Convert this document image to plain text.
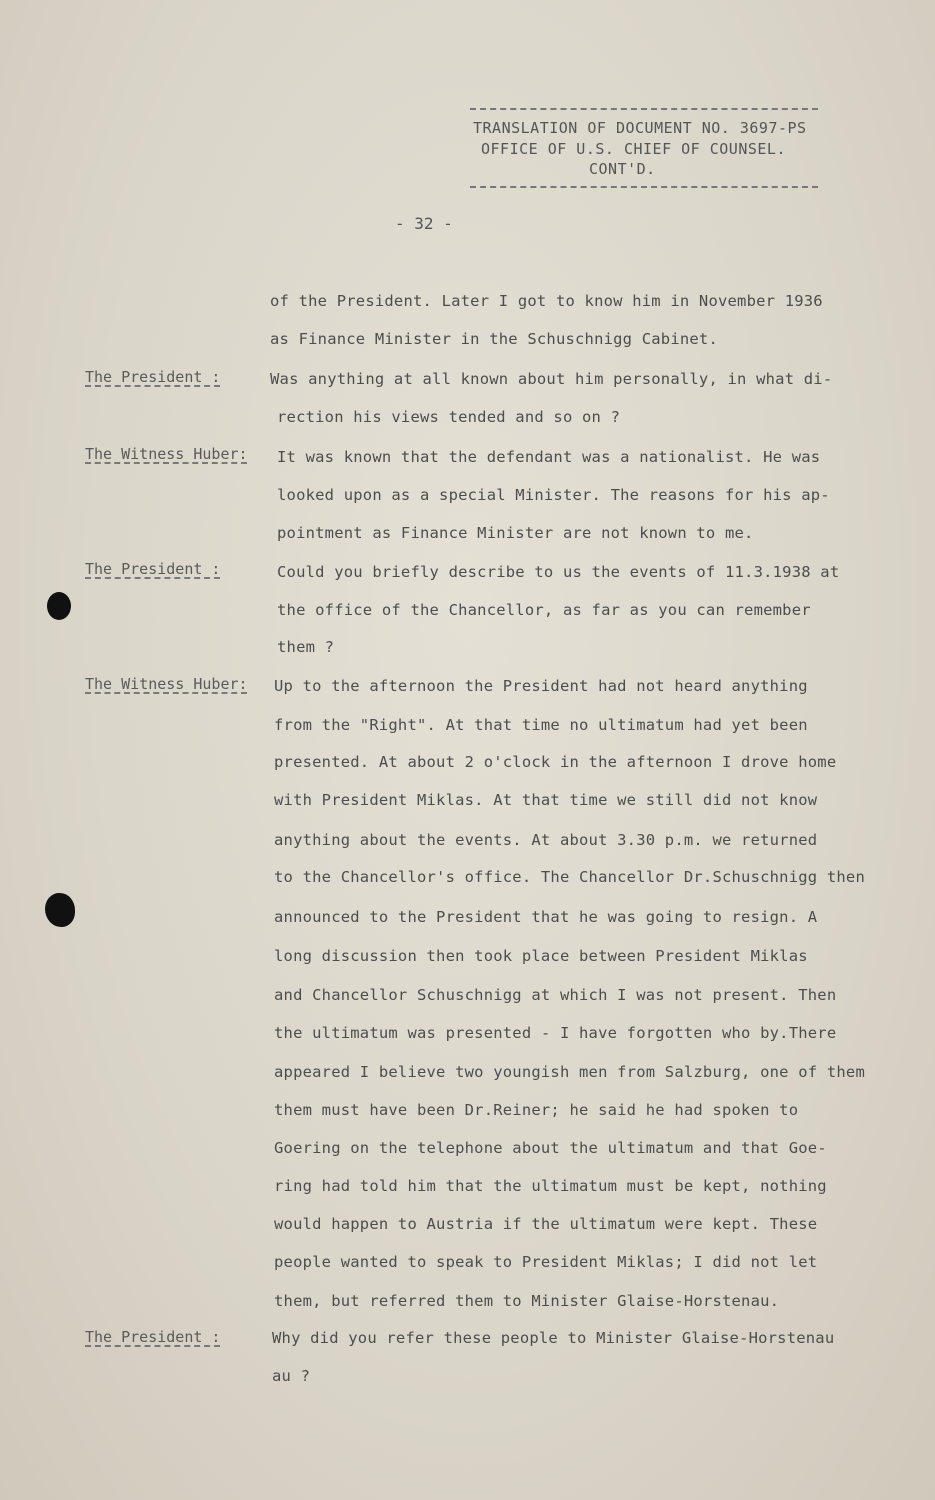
TRANSLATION OF DOCUMENT NO. 3697-PS
OFFICE OF U.S. CHIEF OF COUNSEL.
CONT'D.
- 32 -
The President :
The Witness Huber:
The President :
The Witness Huber:
The President :
of the President. Later I got to know him in November 1936
as Finance Minister in the Schuschnigg Cabinet.
Was anything at all known about him personally, in what di-
rection his views tended and so on ?
It was known that the defendant was a nationalist. He was
looked upon as a special Minister. The reasons for his ap-
pointment as Finance Minister are not known to me.
Could you briefly describe to us the events of 11.3.1938 at
the office of the Chancellor, as far as you can remember
them ?
Up to the afternoon the President had not heard anything
from the "Right". At that time no ultimatum had yet been
presented. At about 2 o'clock in the afternoon I drove home
with President Miklas. At that time we still did not know
anything about the events. At about 3.30 p.m. we returned
to the Chancellor's office. The Chancellor Dr.Schuschnigg then
announced to the President that he was going to resign. A
long discussion then took place between President Miklas
and Chancellor Schuschnigg at which I was not present. Then
the ultimatum was presented - I have forgotten who by.There
appeared I believe two youngish men from Salzburg, one of them
them must have been Dr.Reiner; he said he had spoken to
Goering on the telephone about the ultimatum and that Goe-
ring had told him that the ultimatum must be kept, nothing
would happen to Austria if the ultimatum were kept. These
people wanted to speak to President Miklas; I did not let
them, but referred them to Minister Glaise-Horstenau.
Why did you refer these people to Minister Glaise-Horstenau
au ?
